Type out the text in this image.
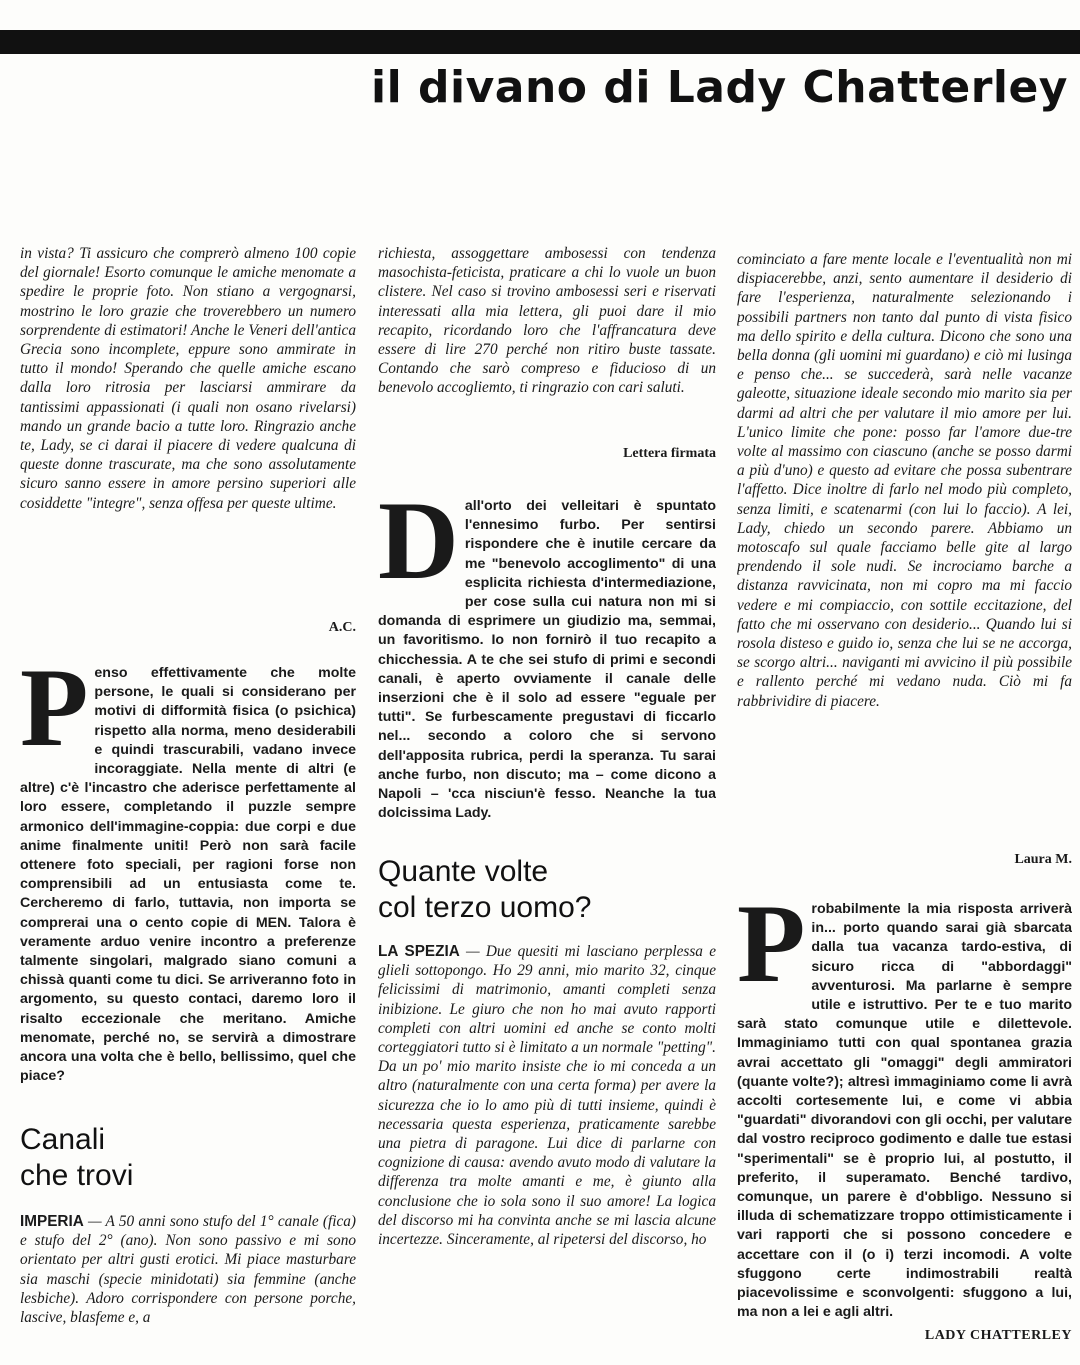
il divano di Lady Chatterley

in vista? Ti assicuro che comprerò almeno 100 copie del giornale! Esorto comunque le amiche menomate a spedire le proprie foto. Non stiano a vergognarsi, mostrino le loro grazie che troverebbero un numero sorprendente di estimatori! Anche le Veneri dell'antica Grecia sono incomplete, eppure sono ammirate in tutto il mondo! Sperando che quelle amiche escano dalla loro ritrosia per lasciarsi ammirare da tantissimi appassionati (i quali non osano rivelarsi) mando un grande bacio a tutte loro. Ringrazio anche te, Lady, se ci darai il piacere di vedere qualcuna di queste donne trascurate, ma che sono assolutamente sicuro sanno essere in amore persino superiori alle cosiddette "integre", senza offesa per queste ultime.

A.C.
P enso effettivamente che molte persone, le quali si considerano per motivi di difformità fisica (o psichica) rispetto alla norma, meno desiderabili e quindi trascurabili, vadano invece incoraggiate. Nella mente di altri (e altre) c'è l'incastro che aderisce perfettamente al loro essere, completando il puzzle sempre armonico dell'immagine-coppia: due corpi e due anime finalmente uniti! Però non sarà facile ottenere foto speciali, per ragioni forse non comprensibili ad un entusiasta come te. Cercheremo di farlo, tuttavia, non importa se comprerai una o cento copie di MEN. Talora è veramente arduo venire incontro a preferenze talmente singolari, malgrado siano comuni a chissà quanti come tu dici. Se arriveranno foto in argomento, su questo contaci, daremo loro il risalto eccezionale che meritano. Amiche menomate, perché no, se servirà a dimostrare ancora una volta che è bello, bellissimo, quel che piace?
Canali
che trovi
IMPERIA — A 50 anni sono stufo del 1° canale (fica) e stufo del 2° (ano). Non sono passivo e mi sono orientato per altri gusti erotici. Mi piace masturbare sia maschi (specie minidotati) sia femmine (anche lesbiche). Adoro corrispondere con persone porche, lascive, blasfeme e, a

richiesta, assoggettare ambosessi con tendenza masochista-feticista, praticare a chi lo vuole un buon clistere. Nel caso si trovino ambosessi seri e riservati interessati alla mia lettera, gli puoi dare il mio recapito, ricordando loro che l'affrancatura deve essere di lire 270 perché non ritiro buste tassate. Contando che sarò compreso e fiducioso di un benevolo accogliemto, ti ringrazio con cari saluti.

Lettera firmata
D all'orto dei velleitari è spuntato l'ennesimo furbo. Per sentirsi rispondere che è inutile cercare da me "benevolo accoglimento" di una esplicita richiesta d'intermediazione, per cose sulla cui natura non mi si domanda di esprimere un giudizio ma, semmai, un favoritismo. Io non fornirò il tuo recapito a chicchessia. A te che sei stufo di primi e secondi canali, è aperto ovviamente il canale delle inserzioni che è il solo ad essere "eguale per tutti". Se furbescamente pregustavi di ficcarlo nel... secondo a coloro che si servono dell'apposita rubrica, perdi la speranza. Tu sarai anche furbo, non discuto; ma – come dicono a Napoli – 'cca nisciun'è fesso. Neanche la tua dolcissima Lady.
Quante volte
col terzo uomo?
LA SPEZIA — Due quesiti mi lasciano perplessa e glieli sottopongo. Ho 29 anni, mio marito 32, cinque felicissimi di matrimonio, amanti completi senza inibizione. Le giuro che non ho mai avuto rapporti completi con altri uomini ed anche se conto molti corteggiatori tutto si è limitato a un normale "petting". Da un po' mio marito insiste che io mi conceda a un altro (naturalmente con una certa forma) per avere la sicurezza che io lo amo più di tutti insieme, quindi è necessaria questa esperienza, praticamente sarebbe una pietra di paragone. Lui dice di parlarne con cognizione di causa: avendo avuto modo di valutare la differenza tra molte amanti e me, è giunto alla conclusione che io sola sono il suo amore! La logica del discorso mi ha convinta anche se mi lascia alcune incertezze. Sinceramente, al ripetersi del discorso, ho

cominciato a fare mente locale e l'eventualità non mi dispiacerebbe, anzi, sento aumentare il desiderio di fare l'esperienza, naturalmente selezionando i possibili partners non tanto dal punto di vista fisico ma dello spirito e della cultura. Dicono che sono una bella donna (gli uomini mi guardano) e ciò mi lusinga e penso che... se succederà, sarà nelle vacanze galeotte, situazione ideale secondo mio marito sia per darmi ad altri che per valutare il mio amore per lui. L'unico limite che pone: posso far l'amore due-tre volte al massimo con ciascuno (anche se posso darmi a più d'uno) e questo ad evitare che possa subentrare l'affetto. Dice inoltre di farlo nel modo più completo, senza limiti, e scatenarmi (con lui lo faccio). A lei, Lady, chiedo un secondo parere. Abbiamo un motoscafo sul quale facciamo belle gite al largo prendendo il sole nudi. Se incrociamo barche a distanza ravvicinata, non mi copro ma mi faccio vedere e mi compiaccio, con sottile eccitazione, del fatto che mi osservano con desiderio... Quando lui si rosola disteso e guido io, senza che lui se ne accorga, se scorgo altri... naviganti mi avvicino il più possibile e rallento perché mi vedano nuda. Ciò mi fa rabbrividire di piacere.

Laura M.
P robabilmente la mia risposta arriverà in... porto quando sarai già sbarcata dalla tua vacanza tardo-estiva, di sicuro ricca di "abbordaggi" avventurosi. Ma parlarne è sempre utile e istruttivo. Per te e tuo marito sarà stato comunque utile e dilettevole. Immaginiamo tutti con qual spontanea grazia avrai accettato gli "omaggi" degli ammiratori (quante volte?); altresì immaginiamo come li avrà accolti cortesemente lui, e come vi abbia "guardati" divorandovi con gli occhi, per valutare dal vostro reciproco godimento e dalle tue estasi "sperimentali" se è proprio lui, al postutto, il preferito, il superamato. Benché tardivo, comunque, un parere è d'obbligo. Nessuno si illuda di schematizzare troppo ottimisticamente i vari rapporti che si possono concedere e accettare con il (o i) terzi incomodi. A volte sfuggono certe indimostrabili realtà piacevolissime e sconvolgenti: sfuggono a lui, ma non a lei e agli altri.
LADY CHATTERLEY
